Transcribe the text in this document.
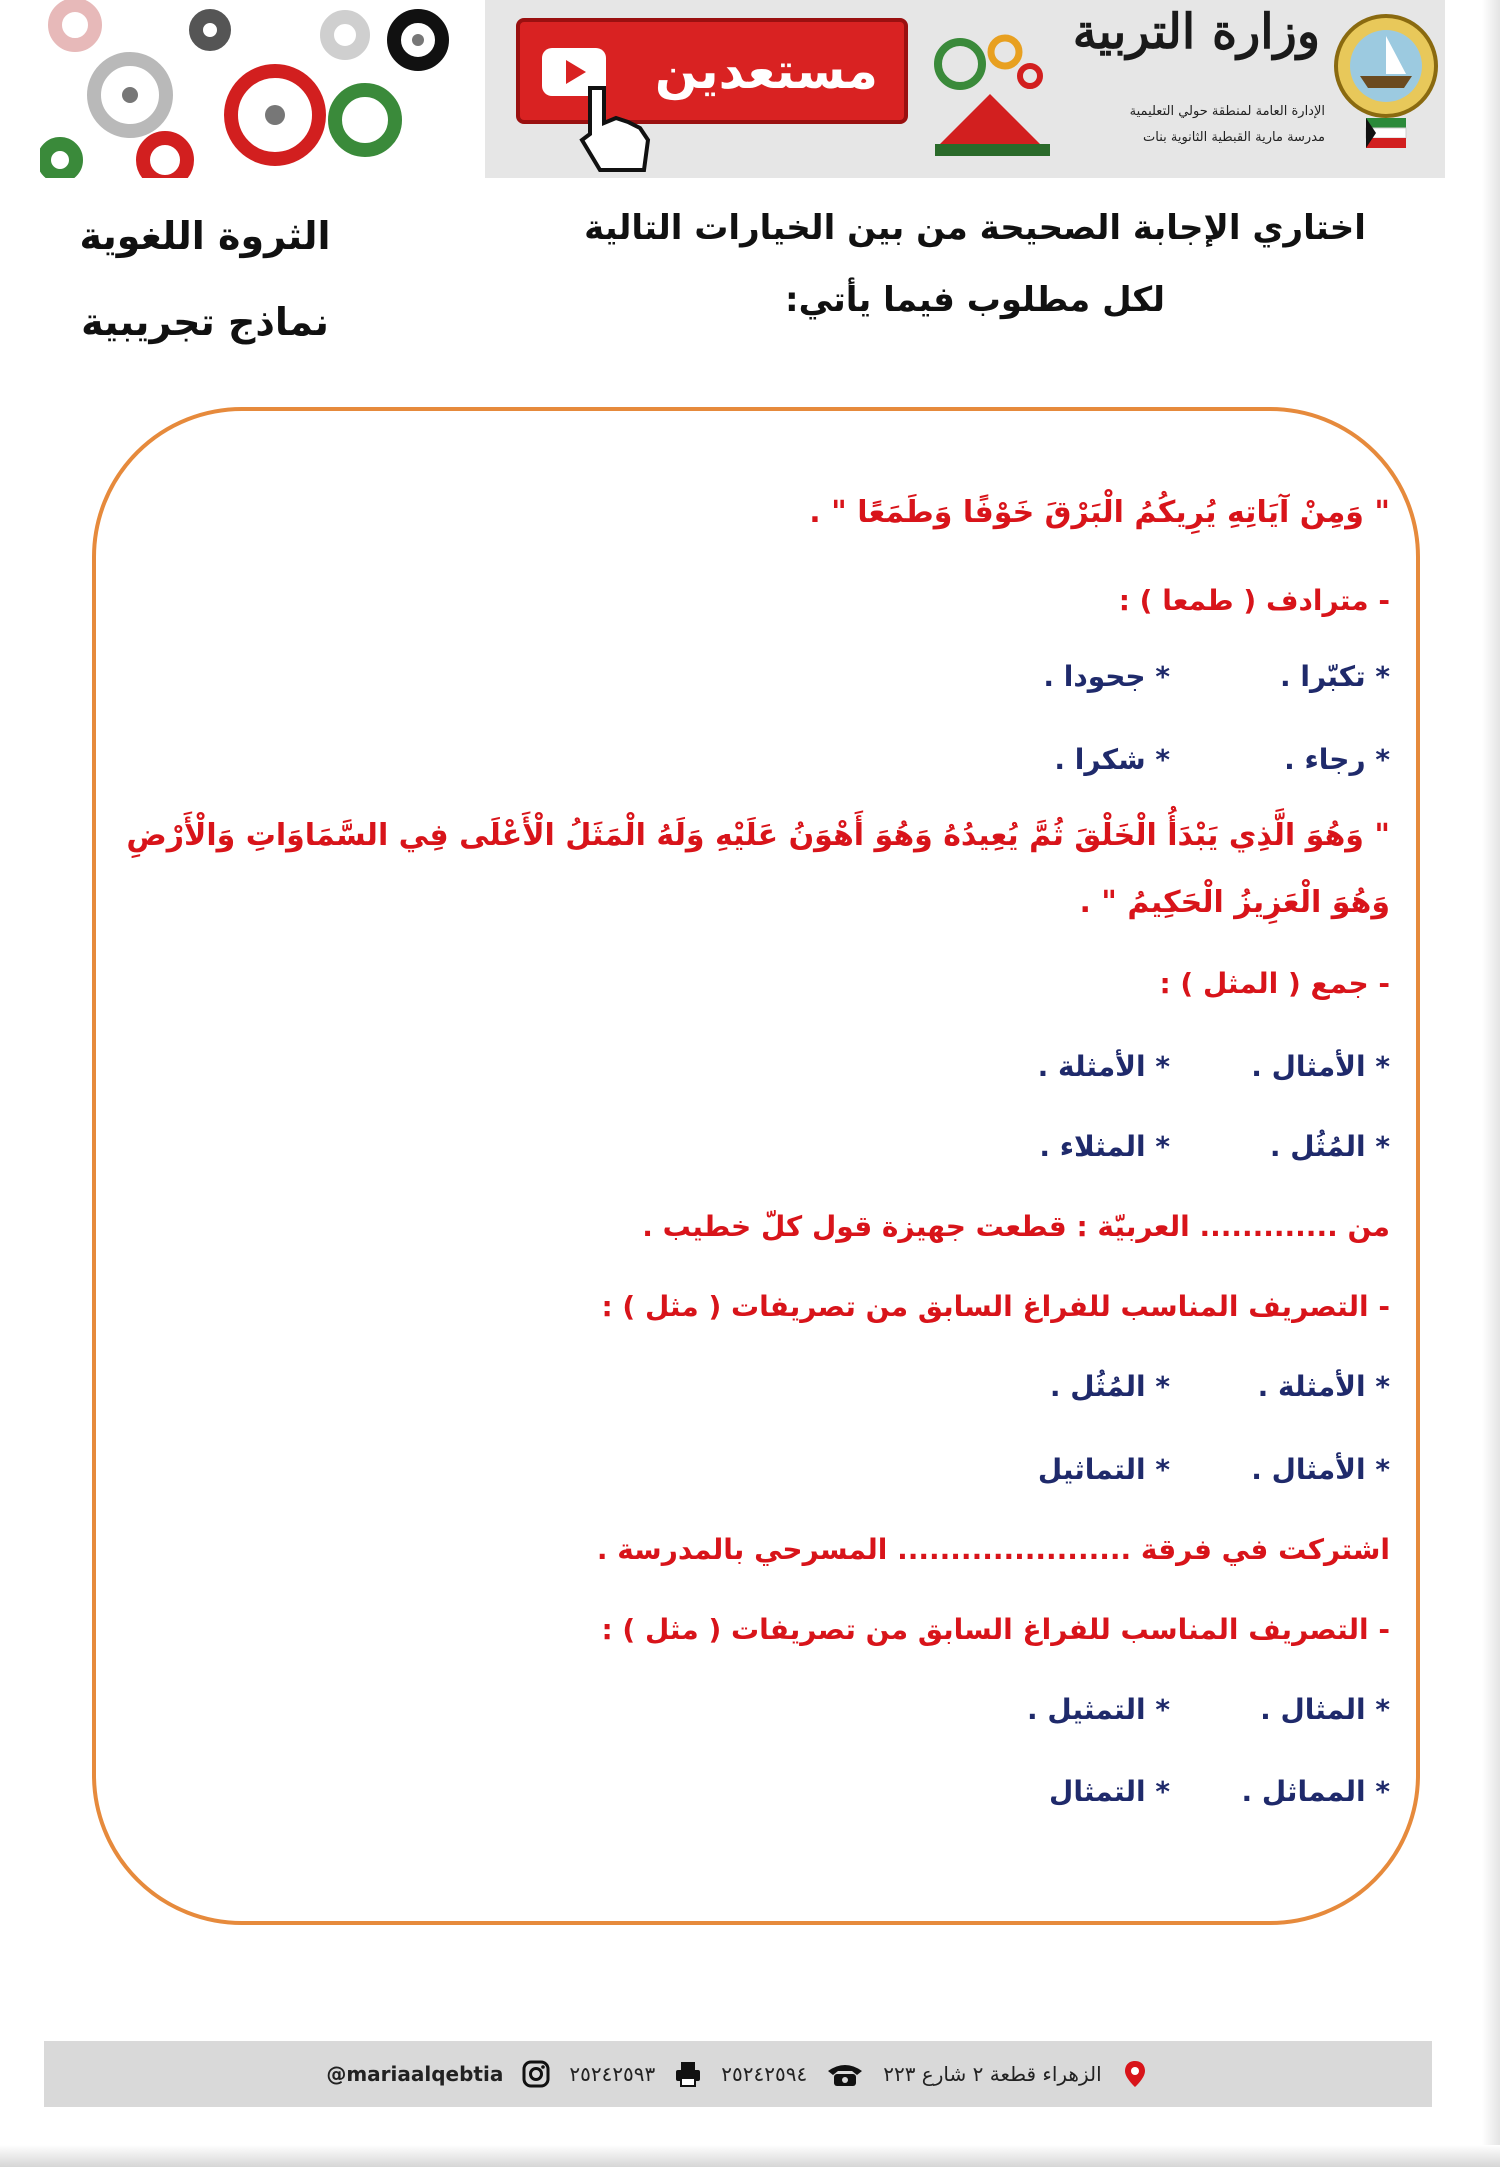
مستعدين
وزارة التربية
الإدارة العامة لمنطقة حولي التعليمية
مدرسة مارية القبطية الثانوية بنات
اختاري الإجابة الصحيحة من بين الخيارات التالية
لكل مطلوب فيما يأتي:
الثروة اللغوية
نماذج تجريبية
" وَمِنْ آيَاتِهِ يُرِيكُمُ الْبَرْقَ خَوْفًا وَطَمَعًا " .
- مترادف ( طمعا ) :
* تكبّرا .
* جحودا .
* رجاء .
* شكرا .
" وَهُوَ الَّذِي يَبْدَأُ الْخَلْقَ ثُمَّ يُعِيدُهُ وَهُوَ أَهْوَنُ عَلَيْهِ وَلَهُ الْمَثَلُ الْأَعْلَى فِي السَّمَاوَاتِ وَالْأَرْضِ
وَهُوَ الْعَزِيزُ الْحَكِيمُ " .
- جمع ( المثل ) :
* الأمثال .
* الأمثلة .
* المُثُل .
* المثلاء .
من ............. العربيّة : قطعت جهيزة قول كلّ خطيب .
- التصريف المناسب للفراغ السابق من تصريفات ( مثل ) :
* الأمثلة .
* المُثُل .
* الأمثال .
* التماثيل
اشتركت في فرقة ...................... المسرحي بالمدرسة .
- التصريف المناسب للفراغ السابق من تصريفات ( مثل ) :
* المثال .
* التمثيل .
* المماثل .
* التمثال
@mariaalqebtia	٢٥٢٤٢٥٩٣	٢٥٢٤٢٥٩٤	الزهراء قطعة ٢ شارع ٢٢٣
